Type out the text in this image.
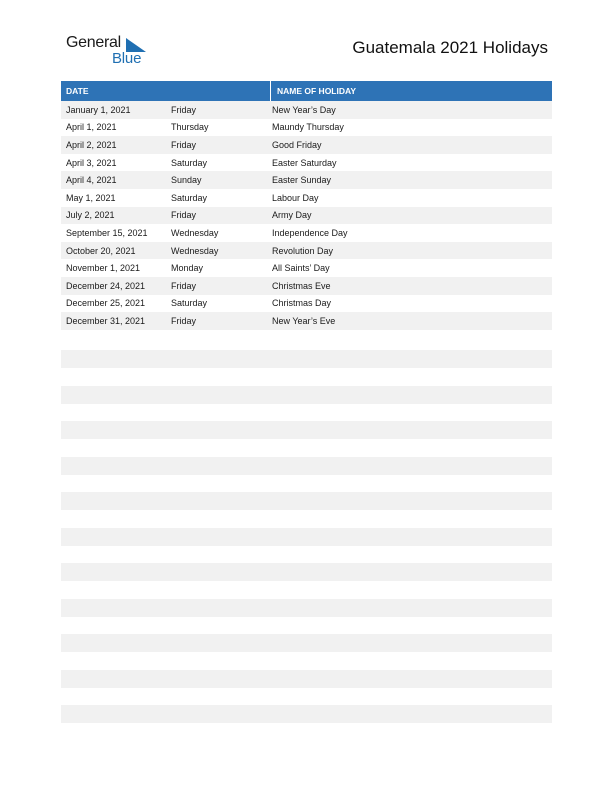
General
Blue
Guatemala 2021 Holidays
DATE	NAME OF HOLIDAY
January 1, 2021	Friday	New Year’s Day
April 1, 2021	Thursday	Maundy Thursday
April 2, 2021	Friday	Good Friday
April 3, 2021	Saturday	Easter Saturday
April 4, 2021	Sunday	Easter Sunday
May 1, 2021	Saturday	Labour Day
July 2, 2021	Friday	Army Day
September 15, 2021	Wednesday	Independence Day
October 20, 2021	Wednesday	Revolution Day
November 1, 2021	Monday	All Saints’ Day
December 24, 2021	Friday	Christmas Eve
December 25, 2021	Saturday	Christmas Day
December 31, 2021	Friday	New Year’s Eve
